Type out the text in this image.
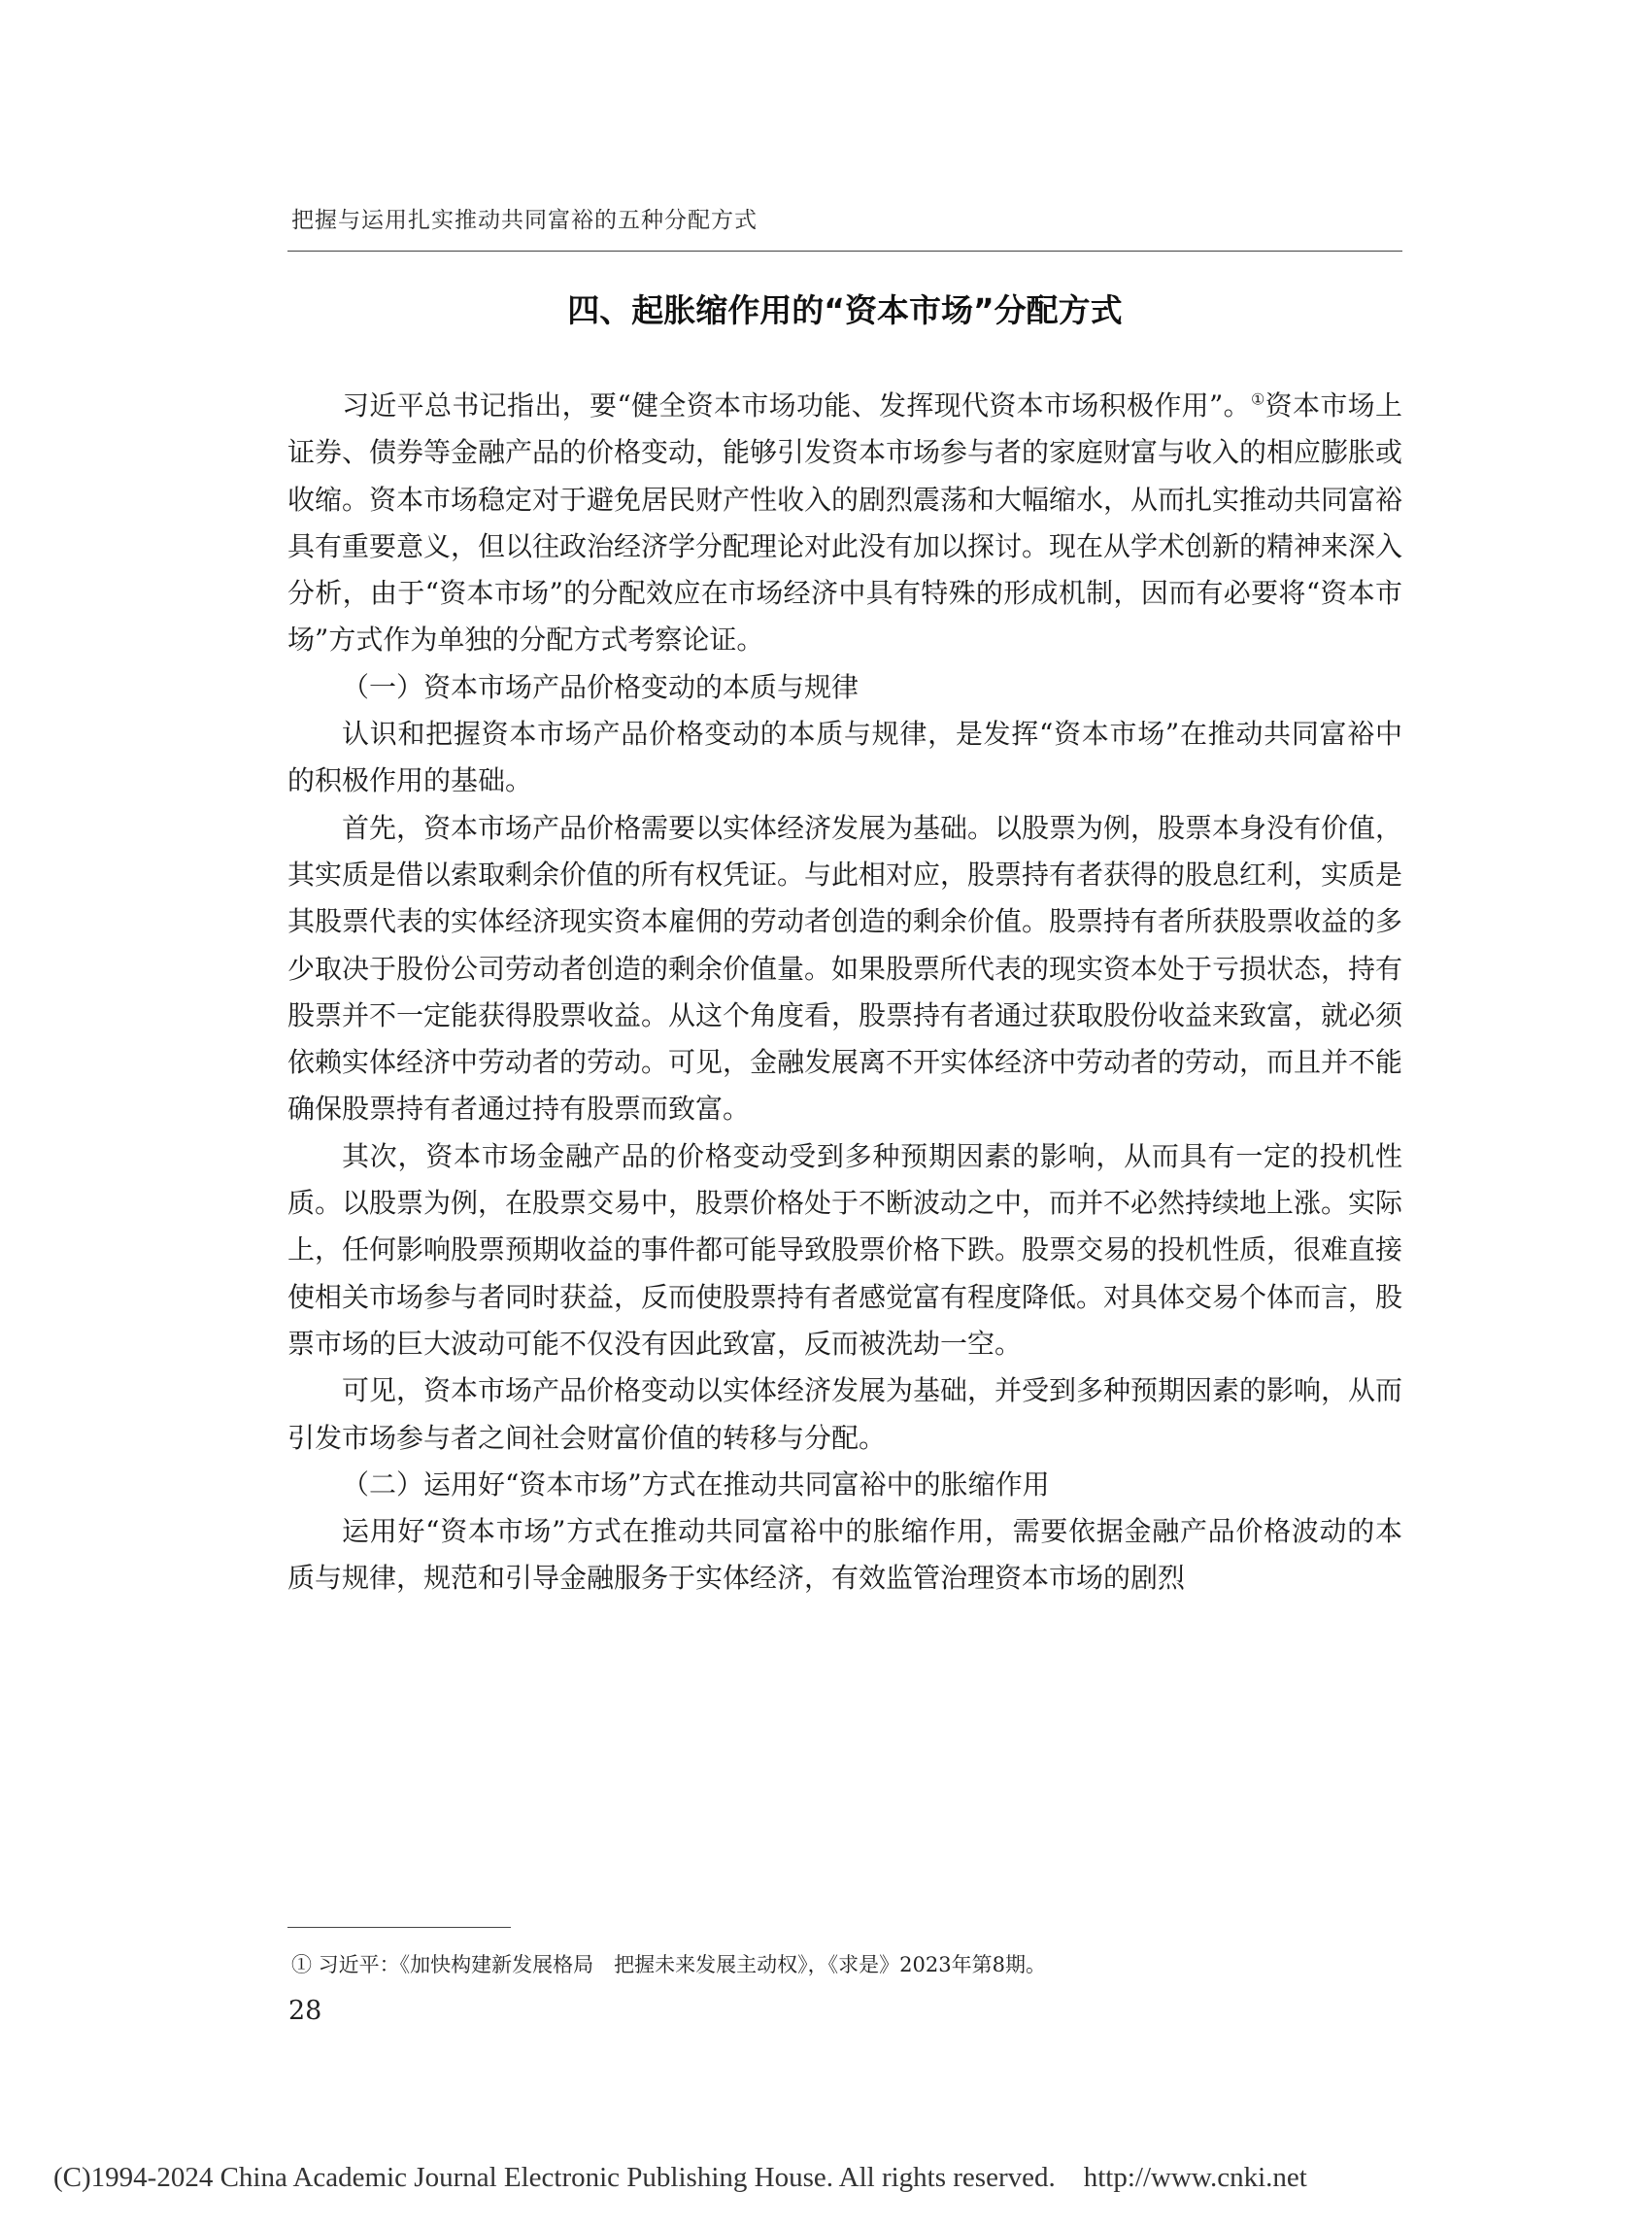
把握与运用扎实推动共同富裕的五种分配方式
四、起胀缩作用的“资本市场”分配方式

习近平总书记指出，要“健全资本市场功能、发挥现代资本市场积极作用”。①资本市场上证券、债券等金融产品的价格变动，能够引发资本市场参与者的家庭财富与收入的相应膨胀或收缩。资本市场稳定对于避免居民财产性收入的剧烈震荡和大幅缩水，从而扎实推动共同富裕具有重要意义，但以往政治经济学分配理论对此没有加以探讨。现在从学术创新的精神来深入分析，由于“资本市场”的分配效应在市场经济中具有特殊的形成机制，因而有必要将“资本市场”方式作为单独的分配方式考察论证。

（一）资本市场产品价格变动的本质与规律

认识和把握资本市场产品价格变动的本质与规律，是发挥“资本市场”在推动共同富裕中的积极作用的基础。

首先，资本市场产品价格需要以实体经济发展为基础。以股票为例，股票本身没有价值，其实质是借以索取剩余价值的所有权凭证。与此相对应，股票持有者获得的股息红利，实质是其股票代表的实体经济现实资本雇佣的劳动者创造的剩余价值。股票持有者所获股票收益的多少取决于股份公司劳动者创造的剩余价值量。如果股票所代表的现实资本处于亏损状态，持有股票并不一定能获得股票收益。从这个角度看，股票持有者通过获取股份收益来致富，就必须依赖实体经济中劳动者的劳动。可见，金融发展离不开实体经济中劳动者的劳动，而且并不能确保股票持有者通过持有股票而致富。

其次，资本市场金融产品的价格变动受到多种预期因素的影响，从而具有一定的投机性质。以股票为例，在股票交易中，股票价格处于不断波动之中，而并不必然持续地上涨。实际上，任何影响股票预期收益的事件都可能导致股票价格下跌。股票交易的投机性质，很难直接使相关市场参与者同时获益，反而使股票持有者感觉富有程度降低。对具体交易个体而言，股票市场的巨大波动可能不仅没有因此致富，反而被洗劫一空。

可见，资本市场产品价格变动以实体经济发展为基础，并受到多种预期因素的影响，从而引发市场参与者之间社会财富价值的转移与分配。

（二）运用好“资本市场”方式在推动共同富裕中的胀缩作用

运用好“资本市场”方式在推动共同富裕中的胀缩作用，需要依据金融产品价格波动的本质与规律，规范和引导金融服务于实体经济，有效监管治理资本市场的剧烈

① 习近平：《加快构建新发展格局　把握未来发展主动权》，《求是》2023年第8期。
28
(C)1994-2024 China Academic Journal Electronic Publishing House. All rights reserved.    http://www.cnki.net
